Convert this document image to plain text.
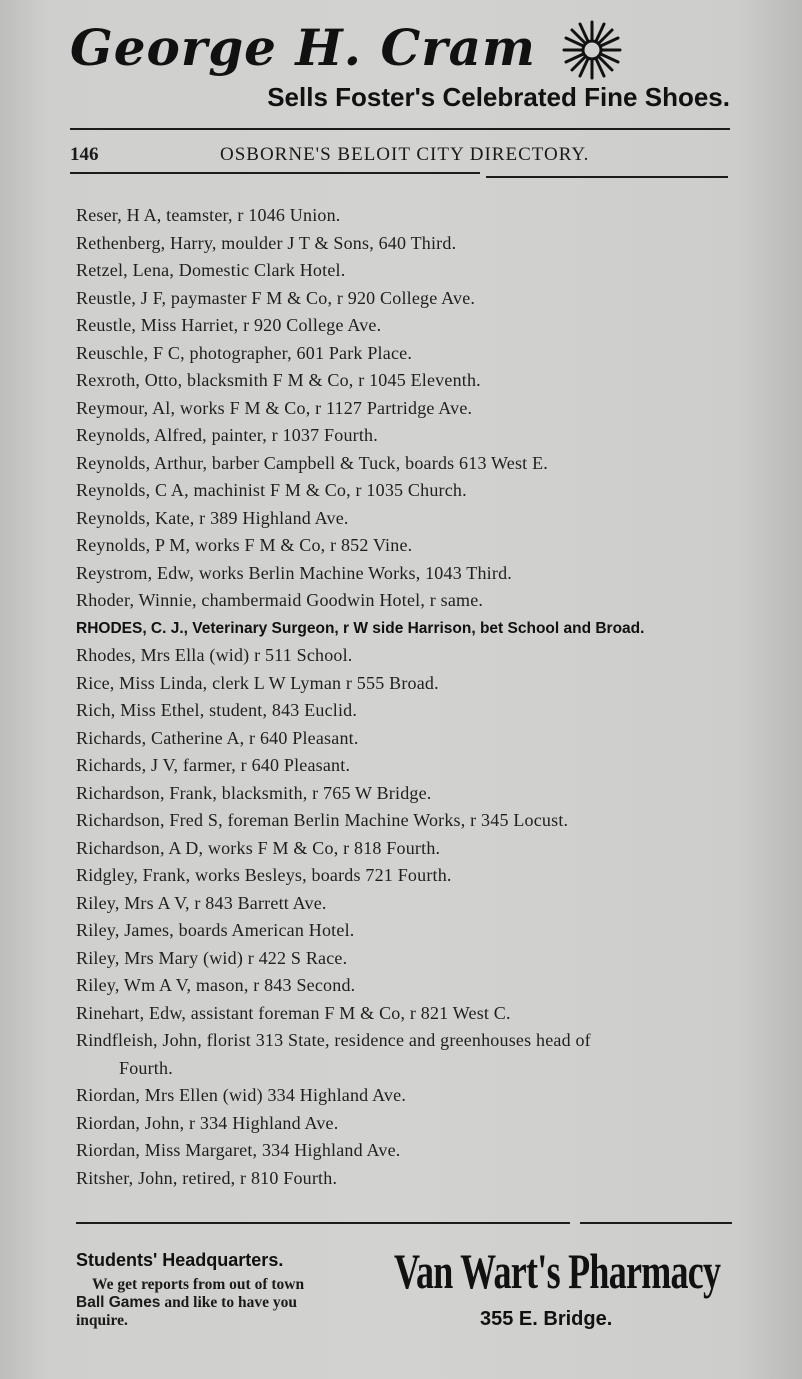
George H. Cram
Sells Foster's Celebrated Fine Shoes.
146	OSBORNE'S BELOIT CITY DIRECTORY.
Reser, H A, teamster, r 1046 Union.
Rethenberg, Harry, moulder J T & Sons, 640 Third.
Retzel, Lena, Domestic Clark Hotel.
Reustle, J F, paymaster F M & Co, r 920 College Ave.
Reustle, Miss Harriet, r 920 College Ave.
Reuschle, F C, photographer, 601 Park Place.
Rexroth, Otto, blacksmith F M & Co, r 1045 Eleventh.
Reymour, Al, works F M & Co, r 1127 Partridge Ave.
Reynolds, Alfred, painter, r 1037 Fourth.
Reynolds, Arthur, barber Campbell & Tuck, boards 613 West E.
Reynolds, C A, machinist F M & Co, r 1035 Church.
Reynolds, Kate, r 389 Highland Ave.
Reynolds, P M, works F M & Co, r 852 Vine.
Reystrom, Edw, works Berlin Machine Works, 1043 Third.
Rhoder, Winnie, chambermaid Goodwin Hotel, r same.
RHODES, C. J., Veterinary Surgeon, r W side Harrison, bet School and Broad.
Rhodes, Mrs Ella (wid) r 511 School.
Rice, Miss Linda, clerk L W Lyman r 555 Broad.
Rich, Miss Ethel, student, 843 Euclid.
Richards, Catherine A, r 640 Pleasant.
Richards, J V, farmer, r 640 Pleasant.
Richardson, Frank, blacksmith, r 765 W Bridge.
Richardson, Fred S, foreman Berlin Machine Works, r 345 Locust.
Richardson, A D, works F M & Co, r 818 Fourth.
Ridgley, Frank, works Besleys, boards 721 Fourth.
Riley, Mrs A V, r 843 Barrett Ave.
Riley, James, boards American Hotel.
Riley, Mrs Mary (wid) r 422 S Race.
Riley, Wm A V, mason, r 843 Second.
Rinehart, Edw, assistant foreman F M & Co, r 821 West C.
Rindfleish, John, florist 313 State, residence and greenhouses head of
Fourth.
Riordan, Mrs Ellen (wid) 334 Highland Ave.
Riordan, John, r 334 Highland Ave.
Riordan, Miss Margaret, 334 Highland Ave.
Ritsher, John, retired, r 810 Fourth.
Students' Headquarters.
We get reports from out of town
Ball Games and like to have you
inquire.
Van Wart's Pharmacy
355 E. Bridge.
